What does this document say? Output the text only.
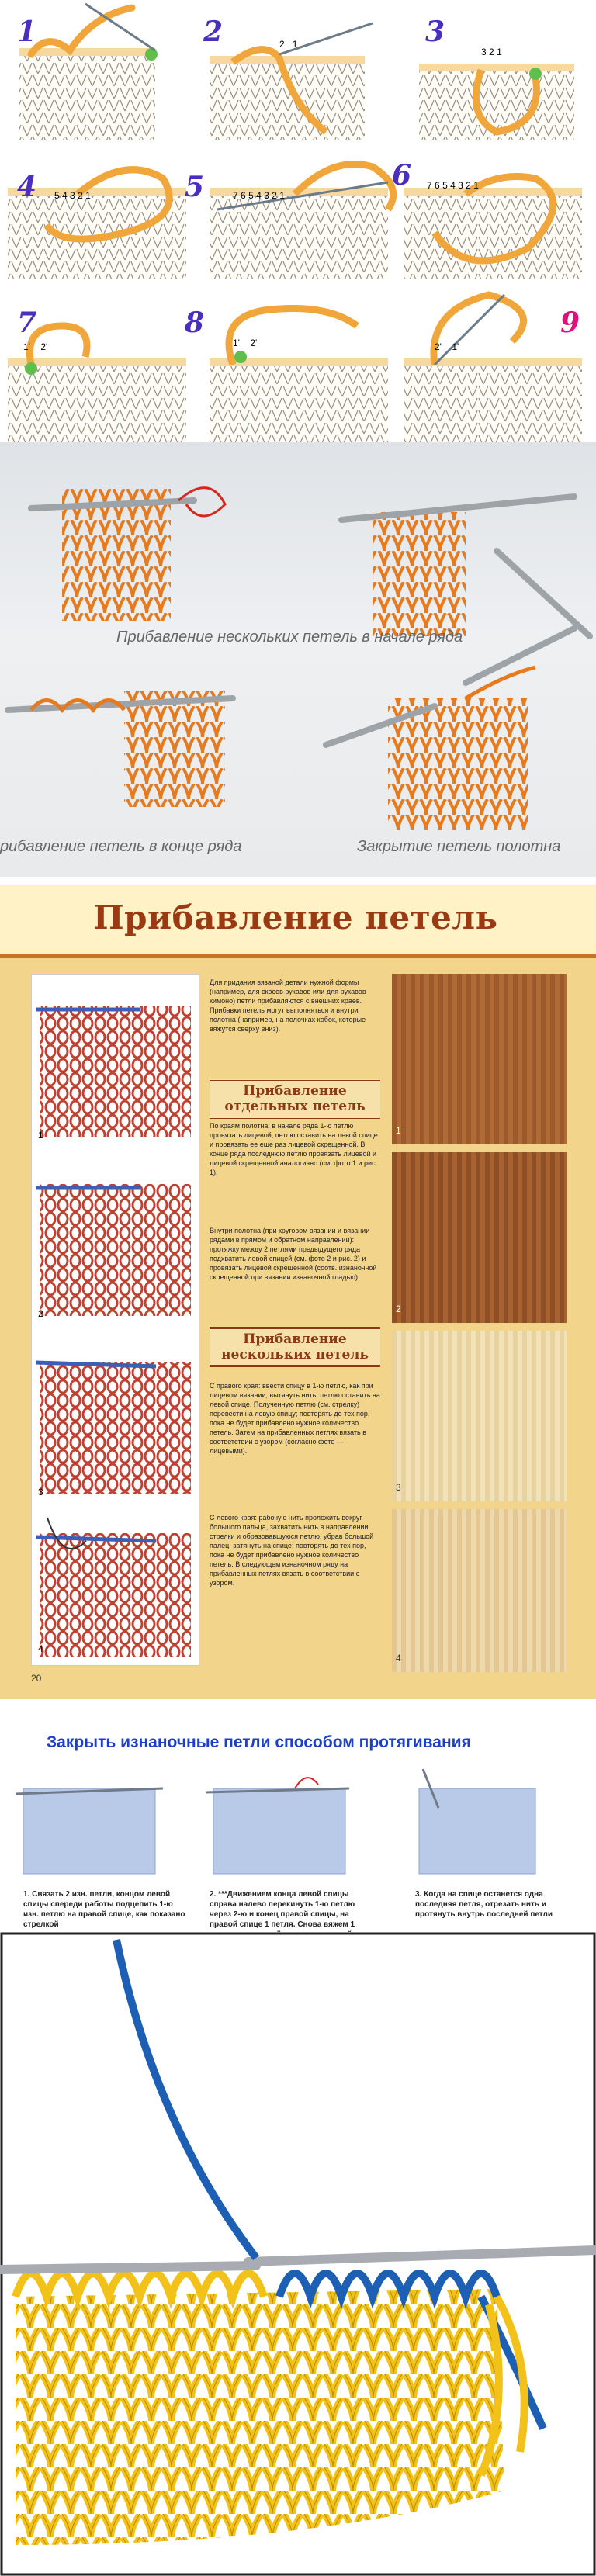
1	2	3
4	5	6
7	8	9
2 1
3 2 1
5 4 3 2 1	7 6 5 4 3 2 1
7 6 5 4 3 2 1
1' 2'	1' 2'	2' 1'
Прибавление нескольких петель в начале ряда
рибавление петель в конце ряда	Закрытие петель полотна
Прибавление петель
1
2
3
4
Для придания вязаной детали нужной формы (например, для скосов рукавов или для рукавов кимоно) петли прибавляются с внешних краев. Прибавки петель могут выполняться и внутри полотна (например, на полочках кобок, которые вяжутся сверху вниз).
Прибавление отдельных петель
По краям полотна: в начале ряда 1-ю петлю провязать лицевой, петлю оставить на левой спице и провязать ее еще раз лицевой скрещенной. В конце ряда последнюю петлю провязать лицевой и лицевой скрещенной аналогично (см. фото 1 и рис. 1).
Внутри полотна (при круговом вязании и вязании рядами в прямом и обратном направлении): протяжку между 2 петлями предыдущего ряда подхватить левой спицей (см. фото 2 и рис. 2) и провязать лицевой скрещенной (соотв. изнаночной скрещенной при вязании изнаночной гладью).
Прибавление нескольких петель
С правого края: ввести спицу в 1-ю петлю, как при лицевом вязании, вытянуть нить, петлю оставить на левой спице. Полученную петлю (см. стрелку) перевести на левую спицу; повторять до тех пор, пока не будет прибавлено нужное количество петель. Затем на прибавленных петлях вязать в соответствии с узором (согласно фото — лицевыми).
С левого края: рабочую нить проложить вокруг большого пальца, захватить нить в направлении стрелки и образовавшуюся петлю, убрав большой палец, затянуть на спице; повторять до тех пор, пока не будет прибавлено нужное количество петель. В следующем изнаночном ряду на прибавленных петлях вязать в соответствии с узором.
1
2
3
4
20
Закрыть изнаночные петли способом протягивания
1. Связать 2 изн. петли, концом левой спицы спереди работы подцепить 1-ю изн. петлю на правой спице, как показано стрелкой
2. ***Движением конца левой спицы справа налево перекинуть 1-ю петлю через 2-ю и конец правой спицы, на правой спице 1 петля. Снова вяжем 1
3. Когда на спице останется одна последняя петля, отрезать нить и протянуть внутрь последней петли
